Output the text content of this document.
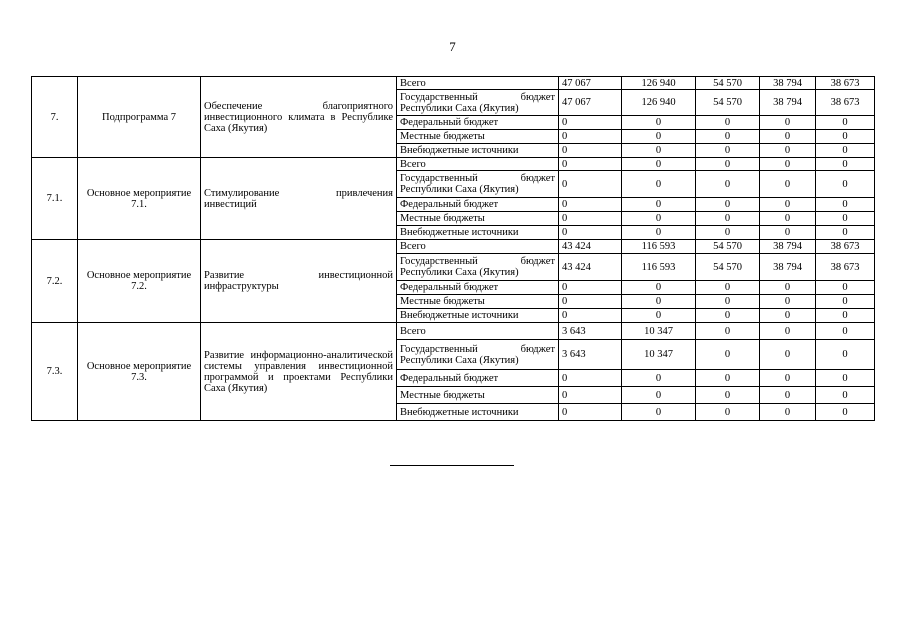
7
7.	Подпрограмма 7	Обеспечение благоприятного инвестиционного климата в Республике Саха (Якутия)	Всего	47 067	126 940	54 570	38 794	38 673
			Государственный бюджет Республики Саха (Якутия)	47 067	126 940	54 570	38 794	38 673
			Федеральный бюджет	0	0	0	0	0
			Местные бюджеты	0	0	0	0	0
			Внебюджетные источники	0	0	0	0	0
7.1.	Основное мероприятие 7.1.	Стимулирование привлечения инвестиций	Всего	0	0	0	0	0
			Государственный бюджет Республики Саха (Якутия)	0	0	0	0	0
			Федеральный бюджет	0	0	0	0	0
			Местные бюджеты	0	0	0	0	0
			Внебюджетные источники	0	0	0	0	0
7.2.	Основное мероприятие 7.2.	Развитие инвестиционной инфраструктуры	Всего	43 424	116 593	54 570	38 794	38 673
			Государственный бюджет Республики Саха (Якутия)	43 424	116 593	54 570	38 794	38 673
			Федеральный бюджет	0	0	0	0	0
			Местные бюджеты	0	0	0	0	0
			Внебюджетные источники	0	0	0	0	0
7.3.	Основное мероприятие 7.3.	Развитие информационно-аналитической системы управления инвестиционной программой и проектами Республики Саха (Якутия)	Всего	3 643	10 347	0	0	0
			Государственный бюджет Республики Саха (Якутия)	3 643	10 347	0	0	0
			Федеральный бюджет	0	0	0	0	0
			Местные бюджеты	0	0	0	0	0
			Внебюджетные источники	0	0	0	0	0
